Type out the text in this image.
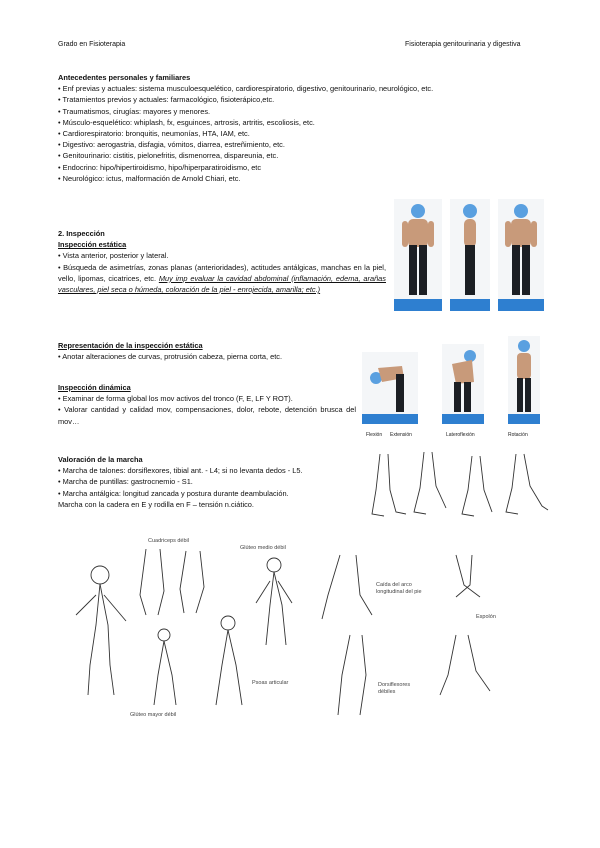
Grado en Fisioterapia	Fisioterapia genitourinaria y digestiva
Antecedentes personales y familiares
• Enf previas y actuales: sistema musculoesquelético, cardiorespiratorio, digestivo, genitourinario, neurológico, etc.
• Tratamientos previos y actuales: farmacológico, fisioterápico,etc.
• Traumatismos, cirugías: mayores y menores.
• Músculo-esquelético: whiplash, fx, esguinces, artrosis, artritis, escoliosis, etc.
• Cardiorespiratorio: bronquitis, neumonías, HTA, IAM, etc.
• Digestivo: aerogastria, disfagia, vómitos, diarrea, estreñimiento, etc.
• Genitourinario: cistitis, pielonefritis, dismenorrea, dispareunia, etc.
• Endocrino: hipo/hipertiroidismo, hipo/hiperparatiroidismo, etc
• Neurológico: ictus, malformación de Arnold Chiari, etc.
2. Inspección
Inspección estática
• Vista anterior, posterior y lateral.
• Búsqueda de asimetrías, zonas planas (anterioridades), actitudes antálgicas, manchas en la piel, vello, lipomas, cicatrices, etc. Muy imp evaluar la cavidad abdominal (inflamación, edema, arañas vasculares, piel seca o húmeda, coloración de la piel - enrojecida, amarilla; etc.)
Representación de la inspección estática
• Anotar alteraciones de curvas, protrusión cabeza, pierna corta, etc.
Inspección dinámica
• Examinar de forma global los mov activos del tronco (F, E, LF Y ROT).
• Valorar cantidad y calidad mov, compensaciones, dolor, rebote, detención brusca del mov…
Valoración de la marcha
• Marcha de talones: dorsiflexores, tibial ant. - L4; si no levanta dedos - L5.
• Marcha de puntillas: gastrocnemio - S1.
• Marcha antálgica: longitud zancada y postura durante deambulación.
Marcha con la cadera en E y rodilla en F – tensión n.ciático.
Flexión Extensión	Lateroflexión	Rotación
Cuadriceps débil
Glúteo medio débil
Caída del arco longitudinal del pie
Espolón
Psoas articular	Dorsiflexores débiles
Glúteo mayor débil
